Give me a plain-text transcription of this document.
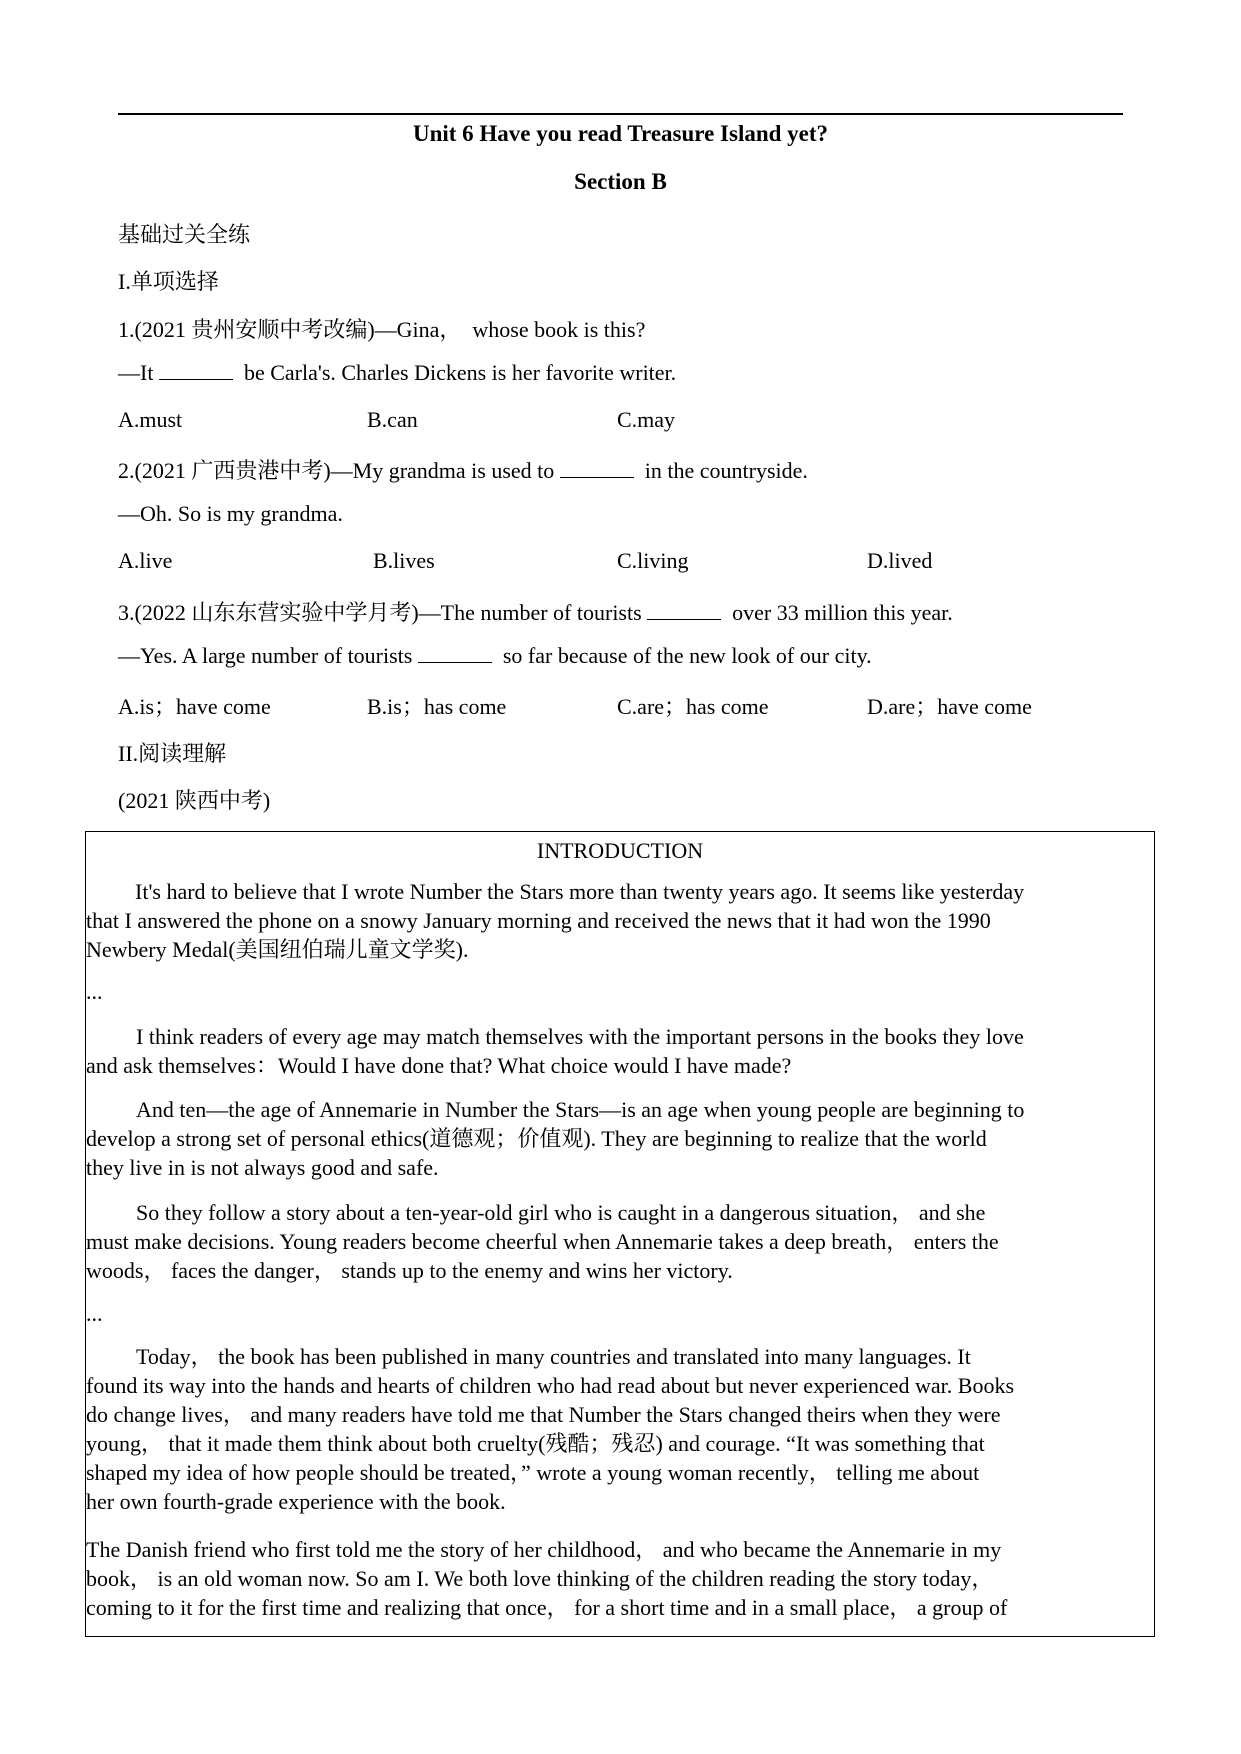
Unit 6 Have you read Treasure Island yet?
Section B
基础过关全练
I.单项选择
1.(2021 贵州安顺中考改编)—Gina，  whose book is this?
—It	be Carla's. Charles Dickens is her favorite writer.
A.must	B.can	C.may
2.(2021 广西贵港中考)—My grandma is used to	in the countryside.
—Oh. So is my grandma.
A.live	B.lives	C.living	D.lived
3.(2022 山东东营实验中学月考)—The number of tourists	over 33 million this year.
—Yes. A large number of tourists	so far because of the new look of our city.
A.is；have come	B.is；has come	C.are；has come	D.are；have come
II.阅读理解
(2021 陕西中考)
INTRODUCTION
It's hard to believe that I wrote Number the Stars more than twenty years ago. It seems like yesterday
that I answered the phone on a snowy January morning and received the news that it had won the 1990
Newbery Medal(美国纽伯瑞儿童文学奖).
...
I think readers of every age may match themselves with the important persons in the books they love
and ask themselves：Would I have done that? What choice would I have made?
And ten—the age of Annemarie in Number the Stars—is an age when young people are beginning to
develop a strong set of personal ethics(道德观；价值观). They are beginning to realize that the world
they live in is not always good and safe.
So they follow a story about a ten-year-old girl who is caught in a dangerous situation， and she
must make decisions. Young readers become cheerful when Annemarie takes a deep breath， enters the
woods， faces the danger， stands up to the enemy and wins her victory.
...
Today， the book has been published in many countries and translated into many languages. It
found its way into the hands and hearts of children who had read about but never experienced war. Books
do change lives， and many readers have told me that Number the Stars changed theirs when they were
young， that it made them think about both cruelty(残酷；残忍) and courage. “It was something that
shaped my idea of how people should be treated，” wrote a young woman recently， telling me about
her own fourth-grade experience with the book.
The Danish friend who first told me the story of her childhood， and who became the Annemarie in my
book， is an old woman now. So am I. We both love thinking of the children reading the story today，
coming to it for the first time and realizing that once， for a short time and in a small place， a group of
